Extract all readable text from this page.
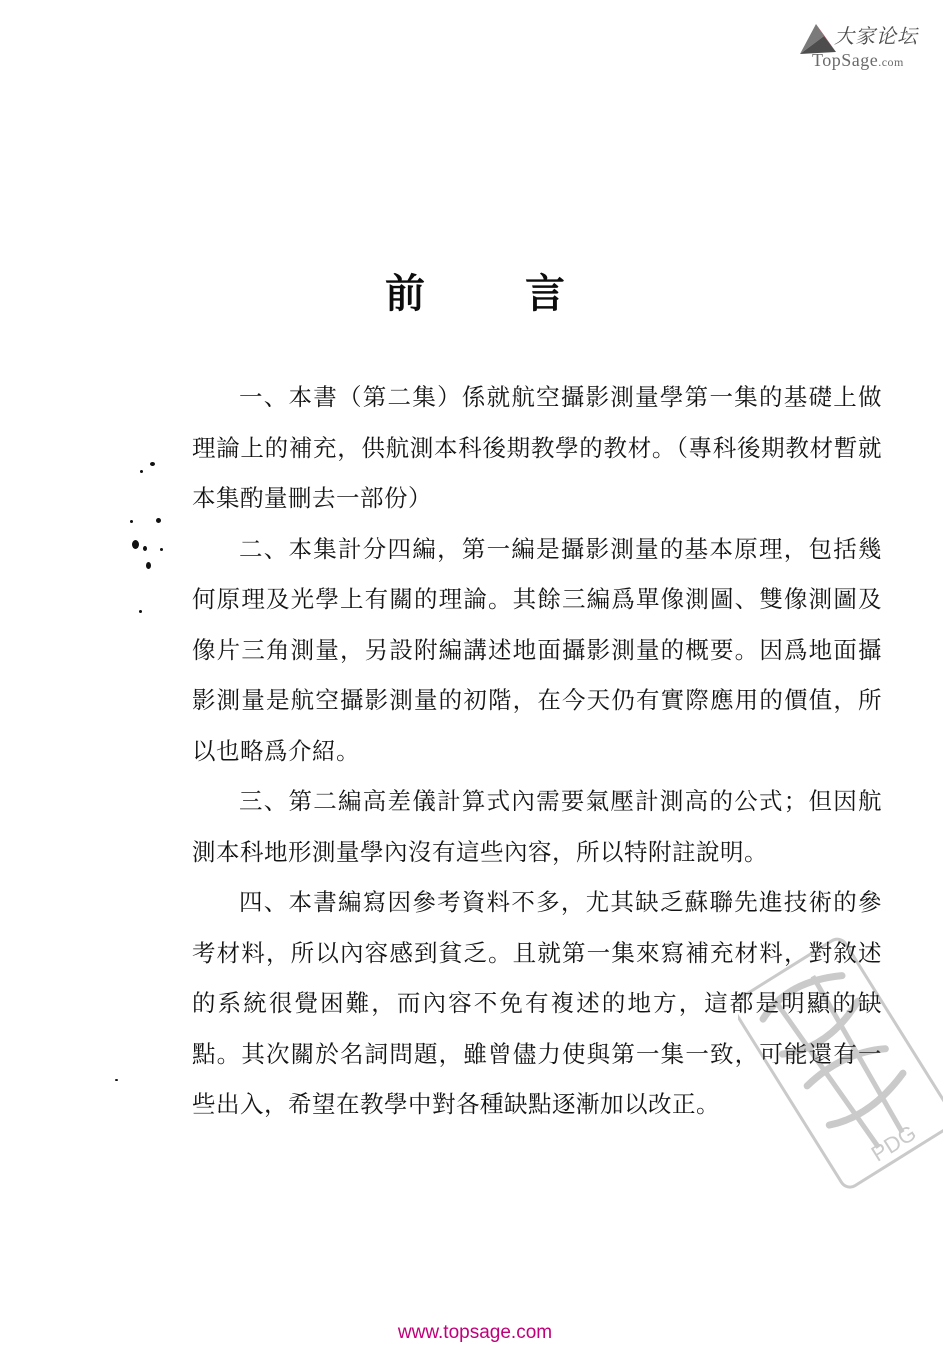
大家论坛
TopSage.com
前言

一、本書（第二集）係就航空攝影測量學第一集的基礎上做理論上的補充，供航測本科後期教學的教材。（專科後期教材暫就本集酌量刪去一部份）

二、本集計分四編，第一編是攝影測量的基本原理，包括幾何原理及光學上有關的理論。其餘三編爲單像測圖、雙像測圖及像片三角測量，另設附編講述地面攝影測量的概要。因爲地面攝影測量是航空攝影測量的初階，在今天仍有實際應用的價值，所以也略爲介紹。

三、第二編高差儀計算式內需要氣壓計測高的公式；但因航測本科地形測量學內沒有這些內容，所以特附註說明。

四、本書編寫因參考資料不多，尤其缺乏蘇聯先進技術的參考材料，所以內容感到貧乏。且就第一集來寫補充材料，對敘述的系統很覺困難，而內容不免有複述的地方，這都是明顯的缺點。其次關於名詞問題，雖曾儘力使與第一集一致，可能還有一些出入，希望在教學中對各種缺點逐漸加以改正。

PDG
www.topsage.com
